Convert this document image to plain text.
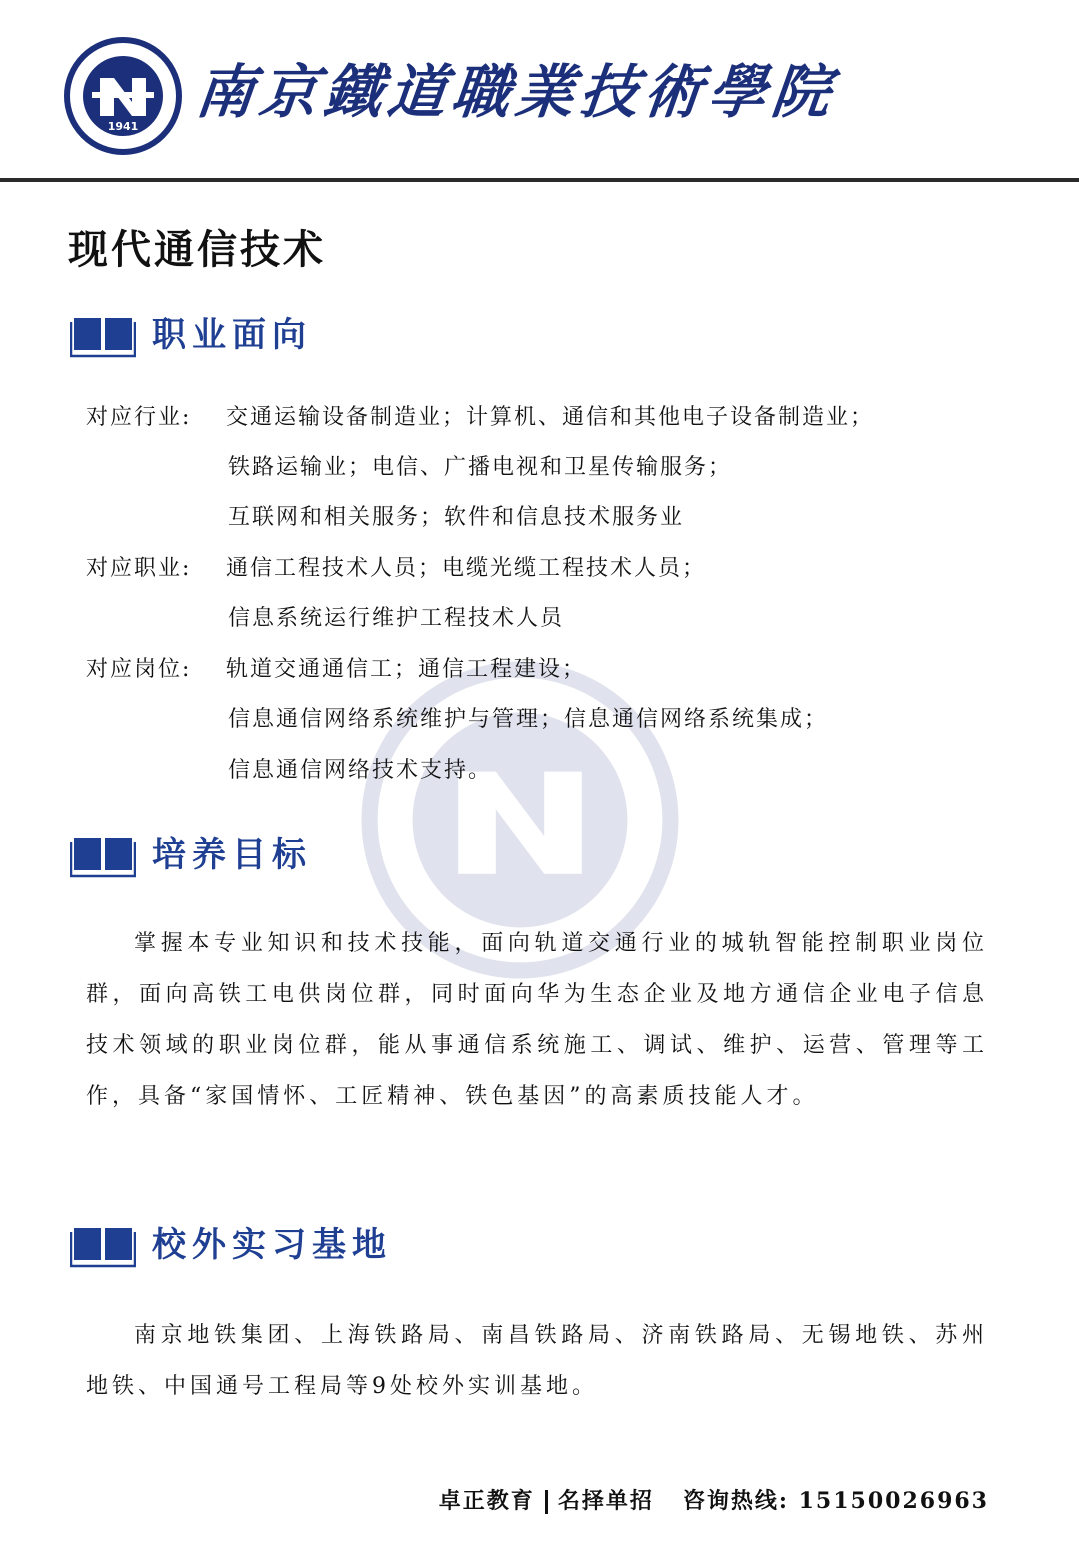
1941
南京鐵道職業技術學院
现代通信技术
职业面向
对应行业: 交通运输设备制造业；计算机、通信和其他电子设备制造业；
铁路运输业；电信、广播电视和卫星传输服务；
互联网和相关服务；软件和信息技术服务业
对应职业: 通信工程技术人员；电缆光缆工程技术人员；
信息系统运行维护工程技术人员
对应岗位: 轨道交通通信工；通信工程建设；
信息通信网络系统维护与管理；信息通信网络系统集成；
信息通信网络技术支持。
培养目标
掌握本专业知识和技术技能，面向轨道交通行业的城轨智能控制职业岗位群，面向高铁工电供岗位群，同时面向华为生态企业及地方通信企业电子信息技术领域的职业岗位群，能从事通信系统施工、调试、维护、运营、管理等工作，具备“家国情怀、工匠精神、铁色基因”的高素质技能人才。
校外实习基地
南京地铁集团、上海铁路局、南昌铁路局、济南铁路局、无锡地铁、苏州地铁、中国通号工程局等9处校外实训基地。
卓正教育 名择单招 咨询热线: 15150026963
